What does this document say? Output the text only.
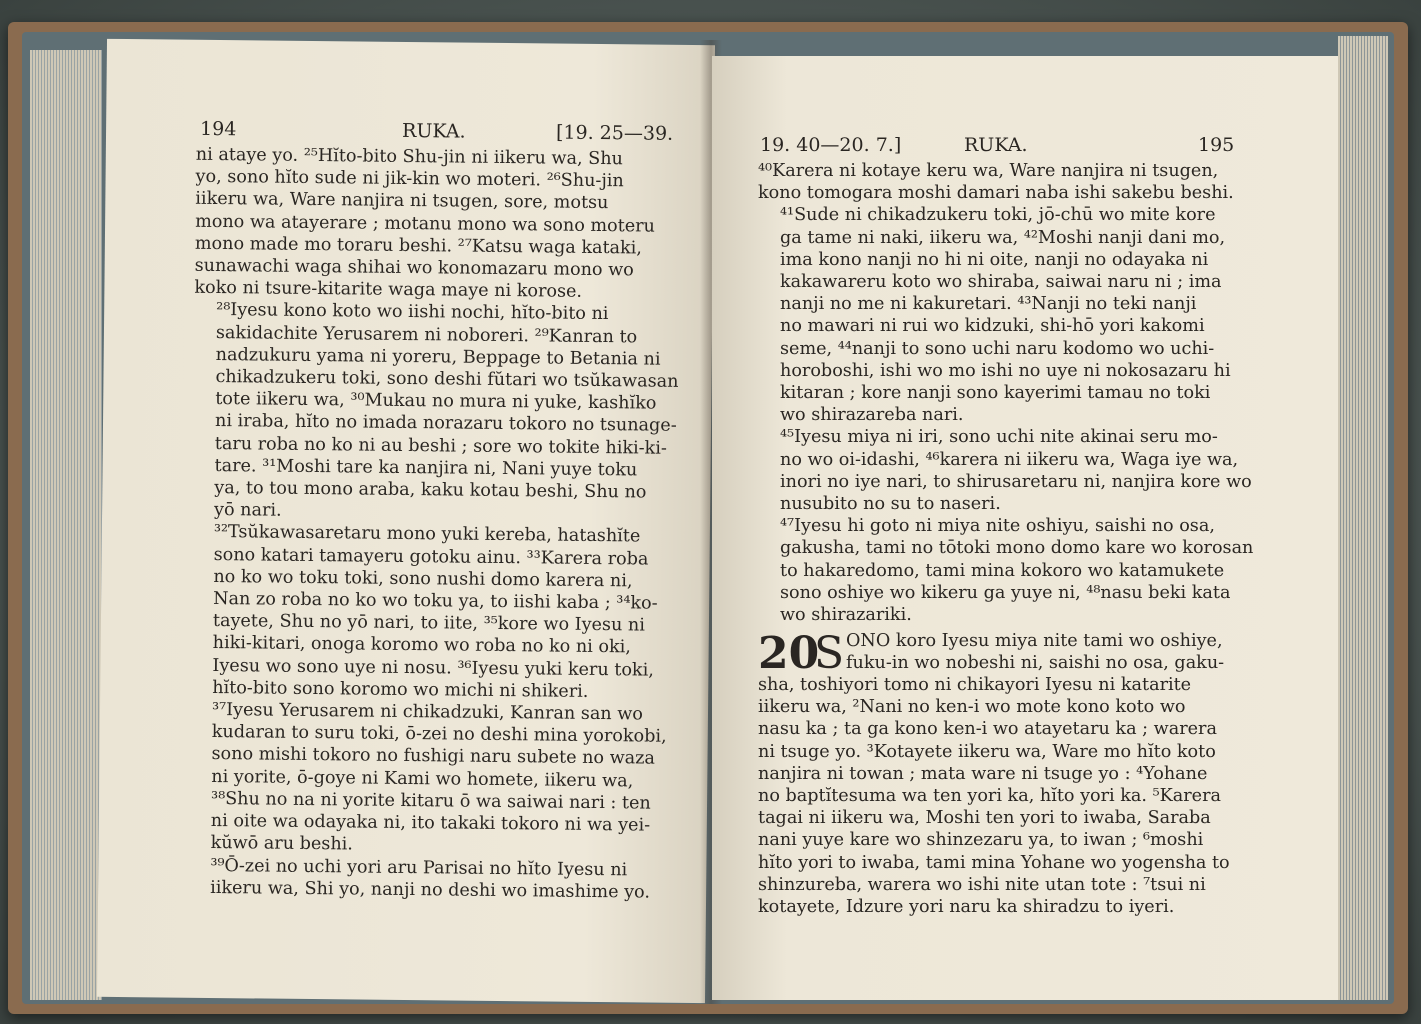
194	RUKA.	[19. 25—39.

ni ataye yo. ²⁵Hĭto-bito Shu-jin ni iikeru wa, Shu
yo, sono hĭto sude ni jik-kin wo moteri. ²⁶Shu-jin
iikeru wa, Ware nanjira ni tsugen, sore, motsu
mono wa atayerare ; motanu mono wa sono moteru
mono made mo toraru beshi. ²⁷Katsu waga kataki,
sunawachi waga shihai wo konomazaru mono wo
koko ni tsure-kitarite waga maye ni korose.

²⁸Iyesu kono koto wo iishi nochi, hĭto-bito ni
sakidachite Yerusarem ni noboreri. ²⁹Kanran to
nadzukuru yama ni yoreru, Beppage to Betania ni
chikadzukeru toki, sono deshi fŭtari wo tsŭkawasan
tote iikeru wa, ³⁰Mukau no mura ni yuke, kashĭko
ni iraba, hĭto no imada norazaru tokoro no tsunage-
taru roba no ko ni au beshi ; sore wo tokite hiki-ki-
tare. ³¹Moshi tare ka nanjira ni, Nani yuye toku
ya, to tou mono araba, kaku kotau beshi, Shu no
yō nari.

³²Tsŭkawasaretaru mono yuki kereba, hatashĭte
sono katari tamayeru gotoku ainu. ³³Karera roba
no ko wo toku toki, sono nushi domo karera ni,
Nan zo roba no ko wo toku ya, to iishi kaba ; ³⁴ko-
tayete, Shu no yō nari, to iite, ³⁵kore wo Iyesu ni
hiki-kitari, onoga koromo wo roba no ko ni oki,
Iyesu wo sono uye ni nosu. ³⁶Iyesu yuki keru toki,
hĭto-bito sono koromo wo michi ni shikeri.

³⁷Iyesu Yerusarem ni chikadzuki, Kanran san wo
kudaran to suru toki, ō-zei no deshi mina yorokobi,
sono mishi tokoro no fushigi naru subete no waza
ni yorite, ō-goye ni Kami wo homete, iikeru wa,
³⁸Shu no na ni yorite kitaru ō wa saiwai nari : ten
ni oite wa odayaka ni, ito takaki tokoro ni wa yei-
kŭwō aru beshi.

³⁹Ō-zei no uchi yori aru Parisai no hĭto Iyesu ni
iikeru wa, Shi yo, nanji no deshi wo imashime yo.

19. 40—20. 7.]	RUKA.	195

⁴⁰Karera ni kotaye keru wa, Ware nanjira ni tsugen,
kono tomogara moshi damari naba ishi sakebu beshi.

⁴¹Sude ni chikadzukeru toki, jō-chū wo mite kore
ga tame ni naki, iikeru wa, ⁴²Moshi nanji dani mo,
ima kono nanji no hi ni oite, nanji no odayaka ni
kakawareru koto wo shiraba, saiwai naru ni ; ima
nanji no me ni kakuretari. ⁴³Nanji no teki nanji
no mawari ni rui wo kidzuki, shi-hō yori kakomi
seme, ⁴⁴nanji to sono uchi naru kodomo wo uchi-
horoboshi, ishi wo mo ishi no uye ni nokosazaru hi
kitaran ; kore nanji sono kayerimi tamau no toki
wo shirazareba nari.

⁴⁵Iyesu miya ni iri, sono uchi nite akinai seru mo-
no wo oi-idashi, ⁴⁶karera ni iikeru wa, Waga iye wa,
inori no iye nari, to shirusaretaru ni, nanjira kore wo
nusubito no su to naseri.

⁴⁷Iyesu hi goto ni miya nite oshiyu, saishi no osa,
gakusha, tami no tōtoki mono domo kare wo korosan
to hakaredomo, tami mina kokoro wo katamukete
sono oshiye wo kikeru ga yuye ni, ⁴⁸nasu beki kata
wo shirazariki.

20
S ONO koro Iyesu miya nite tami wo oshiye,
fuku-in wo nobeshi ni, saishi no osa, gaku-
sha, toshiyori tomo ni chikayori Iyesu ni katarite
iikeru wa, ²Nani no ken-i wo mote kono koto wo
nasu ka ; ta ga kono ken-i wo atayetaru ka ; warera
ni tsuge yo. ³Kotayete iikeru wa, Ware mo hĭto koto
nanjira ni towan ; mata ware ni tsuge yo : ⁴Yohane
no baptĭtesuma wa ten yori ka, hĭto yori ka. ⁵Karera
tagai ni iikeru wa, Moshi ten yori to iwaba, Saraba
nani yuye kare wo shinzezaru ya, to iwan ; ⁶moshi
hĭto yori to iwaba, tami mina Yohane wo yogensha to
shinzureba, warera wo ishi nite utan tote : ⁷tsui ni
kotayete, Idzure yori naru ka shiradzu to iyeri.
